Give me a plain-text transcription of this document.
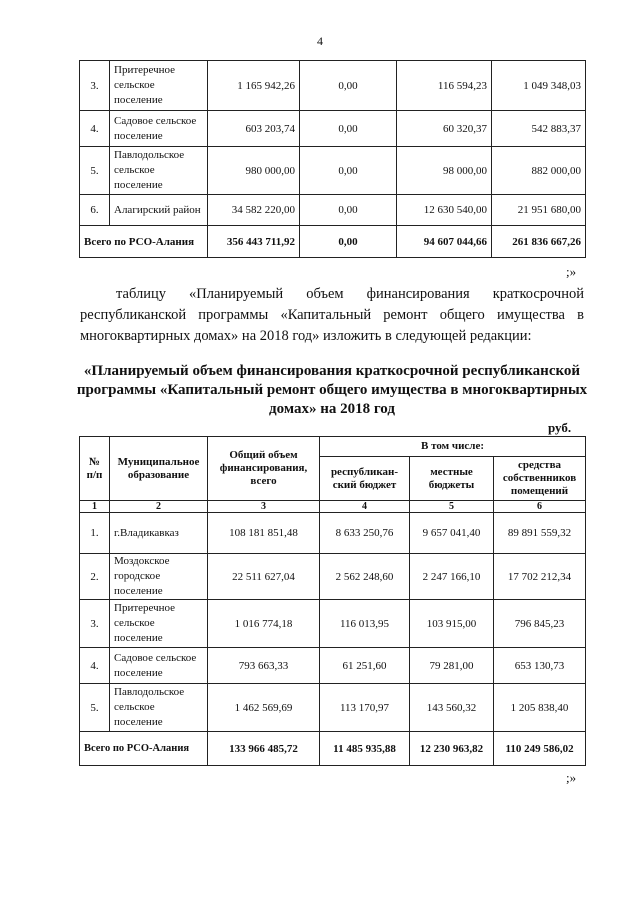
4
3.	Притеречное сельское поселение	1 165 942,26	0,00	116 594,23	1 049 348,03
4.	Садовое сельское поселение	603 203,74	0,00	60 320,37	542 883,37
5.	Павлодольское сельское поселение	980 000,00	0,00	98 000,00	882 000,00
6.	Алагирский район	34 582 220,00	0,00	12 630 540,00	21 951 680,00
Всего по РСО-Алания		356 443 711,92	0,00	94 607 044,66	261 836 667,26
;»
таблицу «Планируемый объем финансирования краткосрочной республиканской программы «Капитальный ремонт общего имущества в многоквартирных домах» на 2018 год» изложить в следующей редакции:
«Планируемый объем финансирования краткосрочной республиканской программы «Капитальный ремонт общего имущества в многоквартирных домах» на 2018 год
руб.
№ п/п	Муниципальное образование	Общий объем финансирования, всего	В том числе:		
			республикан-ский бюджет	местные бюджеты	средства собственников помещений
1	2	3	4	5	6
1.	г.Владикавказ	108 181 851,48	8 633 250,76	9 657 041,40	89 891 559,32
2.	Моздокское городское поселение	22 511 627,04	2 562 248,60	2 247 166,10	17 702 212,34
3.	Притеречное сельское поселение	1 016 774,18	116 013,95	103 915,00	796 845,23
4.	Садовое сельское поселение	793 663,33	61 251,60	79 281,00	653 130,73
5.	Павлодольское сельское поселение	1 462 569,69	113 170,97	143 560,32	1 205 838,40
Всего по РСО-Алания		133 966 485,72	11 485 935,88	12 230 963,82	110 249 586,02
;»
